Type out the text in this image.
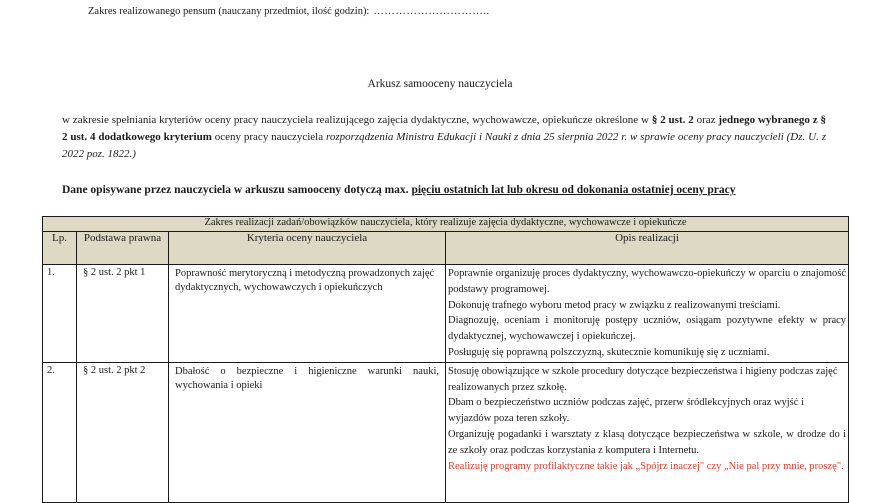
Zakres realizowanego pensum (nauczany przedmiot, ilość godzin): …………………………..
Arkusz samooceny nauczyciela
w zakresie spełniania kryteriów oceny pracy nauczyciela realizującego zajęcia dydaktyczne, wychowawcze, opiekuńcze określone w § 2 ust. 2 oraz jednego wybranego z § 2 ust. 4 dodatkowego kryterium oceny pracy nauczyciela rozporządzenia Ministra Edukacji i Nauki z dnia 25 sierpnia 2022 r. w sprawie oceny pracy nauczycieli (Dz. U. z 2022 poz. 1822.)
Dane opisywane przez nauczyciela w arkuszu samooceny dotyczą max. pięciu ostatnich lat lub okresu od dokonania ostatniej oceny pracy
Zakres realizacji zadań/obowiązków nauczyciela, który realizuje zajęcia dydaktyczne, wychowawcze i opiekuńcze			
Lp.	Podstawa prawna	Kryteria oceny nauczyciela	Opis realizacji
1.	§ 2 ust. 2 pkt 1	Poprawność merytoryczną i metodyczną prowadzonych zajęć dydaktycznych, wychowawczych i opiekuńczych	Poprawnie organizuję proces dydaktyczny, wychowawczo-opiekuńczy w oparciu o znajomość podstawy programowej.
Dokonuję trafnego wyboru metod pracy w związku z realizowanymi treściami.
Diagnozuję, oceniam i monitoruję postępy uczniów, osiągam pozytywne efekty w pracy dydaktycznej, wychowawczej i opiekuńczej.
Posługuję się poprawną polszczyzną, skutecznie komunikuję się z uczniami.

2.	§ 2 ust. 2 pkt 2	Dbałość o bezpieczne i higieniczne warunki nauki, wychowania i opieki	Stosuję obowiązujące w szkole procedury dotyczące bezpieczeństwa i higieny podczas zajęć realizowanych przez szkołę.
Dbam o bezpieczeństwo uczniów podczas zajęć, przerw śródlekcyjnych oraz wyjść i wyjazdów poza teren szkoły.
Organizuję pogadanki i warsztaty z klasą dotyczące bezpieczeństwa w szkole, w drodze do i ze szkoły oraz podczas korzystania z komputera i Internetu.
Realizuję programy profilaktyczne takie jak „Spójrz inaczej" czy „Nie pal przy mnie, proszę".
